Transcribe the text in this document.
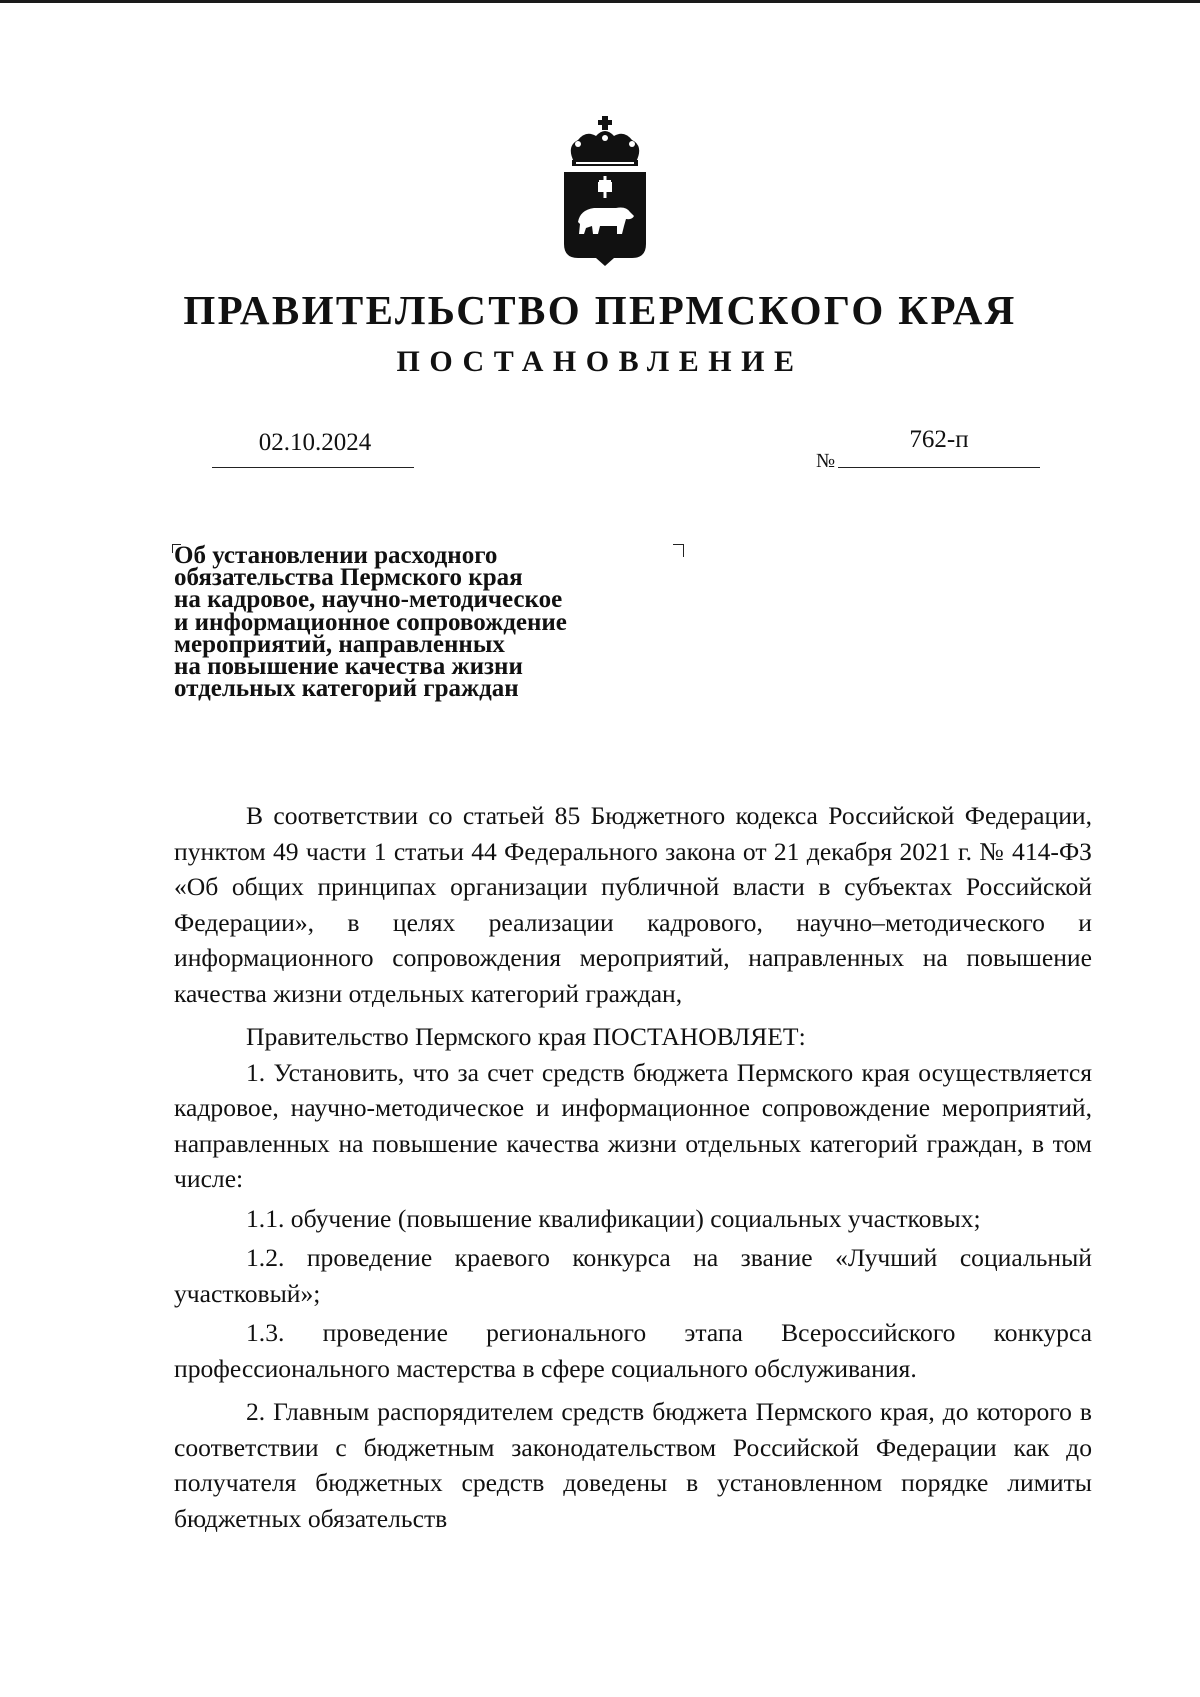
ПРАВИТЕЛЬСТВО ПЕРМСКОГО КРАЯ
ПОСТАНОВЛЕНИЕ
02.10.2024
№
762-п
Об установлении расходного
обязательства Пермского края
на кадровое, научно-методическое
и информационное сопровождение
мероприятий, направленных
на повышение качества жизни
отдельных категорий граждан

В соответствии со статьей 85 Бюджетного кодекса Российской Федерации, пунктом 49 части 1 статьи 44 Федерального закона от 21 декабря 2021 г. № 414-ФЗ «Об общих принципах организации публичной власти в субъектах Российской Федерации», в целях реализации кадрового, научно–методического и информационного сопровождения мероприятий, направленных на повышение качества жизни отдельных категорий граждан,

Правительство Пермского края ПОСТАНОВЛЯЕТ:

1. Установить, что за счет средств бюджета Пермского края осуществляется кадровое, научно-методическое и информационное сопровождение мероприятий, направленных на повышение качества жизни отдельных категорий граждан, в том числе:

1.1. обучение (повышение квалификации) социальных участковых;

1.2. проведение краевого конкурса на звание «Лучший социальный участковый»;

1.3. проведение регионального этапа Всероссийского конкурса профессионального мастерства в сфере социального обслуживания.

2. Главным распорядителем средств бюджета Пермского края, до которого в соответствии с бюджетным законодательством Российской Федерации как до получателя бюджетных средств доведены в установленном порядке лимиты бюджетных обязательств
